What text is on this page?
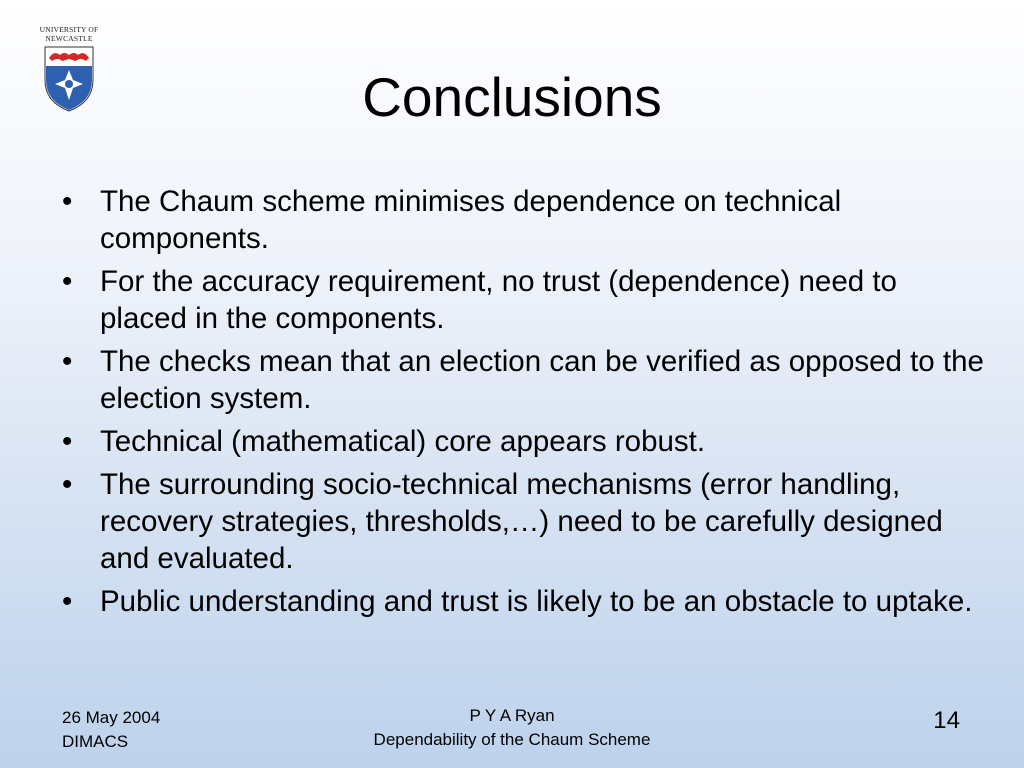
UNIVERSITY OF
NEWCASTLE
Conclusions
• The Chaum scheme minimises dependence on technical components.
• For the accuracy requirement, no trust (dependence) need to placed in the components.
• The checks mean that an election can be verified as opposed to the election system.
• Technical (mathematical) core appears robust.
• The surrounding socio-technical mechanisms (error handling, recovery strategies, thresholds,…) need to be carefully designed and evaluated.
• Public understanding and trust is likely to be an obstacle to uptake.
26 May 2004
DIMACS
P Y A Ryan
Dependability of the Chaum Scheme
14
